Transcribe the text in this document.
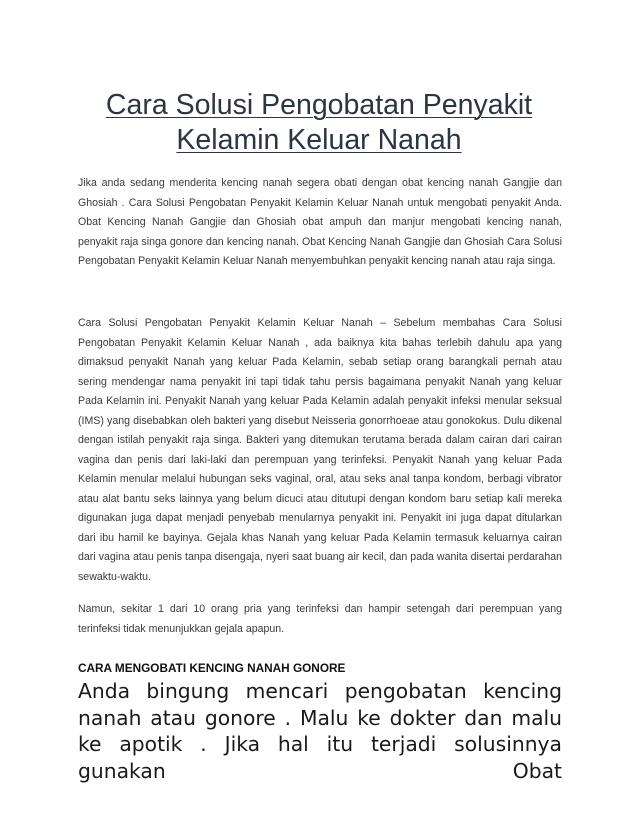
Cara Solusi Pengobatan Penyakit Kelamin Keluar Nanah

Jika anda sedang menderita kencing nanah segera obati dengan obat kencing nanah Gangjie dan Ghosiah . Cara Solusi Pengobatan Penyakit Kelamin Keluar Nanah untuk mengobati penyakit Anda. Obat Kencing Nanah Gangjie dan Ghosiah obat ampuh dan manjur mengobati kencing nanah, penyakit raja singa gonore dan kencing nanah. Obat Kencing Nanah Gangjie dan Ghosiah Cara Solusi Pengobatan Penyakit Kelamin Keluar Nanah menyembuhkan penyakit kencing nanah atau raja singa.

Cara Solusi Pengobatan Penyakit Kelamin Keluar Nanah – Sebelum membahas Cara Solusi Pengobatan Penyakit Kelamin Keluar Nanah , ada baiknya kita bahas terlebih dahulu apa yang dimaksud penyakit Nanah yang keluar Pada Kelamin, sebab setiap orang barangkali pernah atau sering mendengar nama penyakit ini tapi tidak tahu persis bagaimana penyakit Nanah yang keluar Pada Kelamin ini. Penyakit Nanah yang keluar Pada Kelamin adalah penyakit infeksi menular seksual (IMS) yang disebabkan oleh bakteri yang disebut Neisseria gonorrhoeae atau gonokokus. Dulu dikenal dengan istilah penyakit raja singa. Bakteri yang ditemukan terutama berada dalam cairan dari cairan vagina dan penis dari laki-laki dan perempuan yang terinfeksi. Penyakit Nanah yang keluar Pada Kelamin menular melalui hubungan seks vaginal, oral, atau seks anal tanpa kondom, berbagi vibrator atau alat bantu seks lainnya yang belum dicuci atau ditutupi dengan kondom baru setiap kali mereka digunakan juga dapat menjadi penyebab menularnya penyakit ini. Penyakit ini juga dapat ditularkan dari ibu hamil ke bayinya. Gejala khas Nanah yang keluar Pada Kelamin termasuk keluarnya cairan dari vagina atau penis tanpa disengaja, nyeri saat buang air kecil, dan pada wanita disertai perdarahan sewaktu-waktu.

Namun, sekitar 1 dari 10 orang pria yang terinfeksi dan hampir setengah dari perempuan yang terinfeksi tidak menunjukkan gejala apapun.

CARA MENGOBATI KENCING NANAH GONORE

Anda bingung mencari pengobatan kencing nanah atau gonore . Malu ke dokter dan malu ke apotik . Jika hal itu terjadi solusinnya gunakan Obat
